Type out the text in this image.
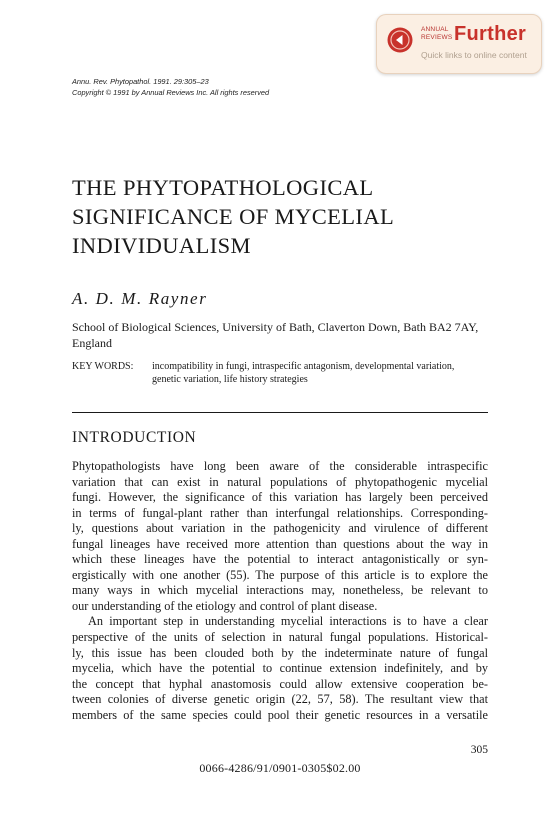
ANNUAL
REVIEWS Further
Quick links to online content
Annu. Rev. Phytopathol. 1991. 29:305–23
Copyright © 1991 by Annual Reviews Inc. All rights reserved
THE PHYTOPATHOLOGICAL
SIGNIFICANCE OF MYCELIAL
INDIVIDUALISM
A. D. M. Rayner
School of Biological Sciences, University of Bath, Claverton Down, Bath BA2 7AY,
England
KEY WORDS: incompatibility in fungi, intraspecific antagonism, developmental variation,
genetic variation, life history strategies
INTRODUCTION
Phytopathologists have long been aware of the considerable intraspecific
variation that can exist in natural populations of phytopathogenic mycelial
fungi. However, the significance of this variation has largely been perceived
in terms of fungal-plant rather than interfungal relationships. Corresponding-
ly, questions about variation in the pathogenicity and virulence of different
fungal lineages have received more attention than questions about the way in
which these lineages have the potential to interact antagonistically or syn-
ergistically with one another (55). The purpose of this article is to explore the
many ways in which mycelial interactions may, nonetheless, be relevant to
our understanding of the etiology and control of plant disease.
An important step in understanding mycelial interactions is to have a clear
perspective of the units of selection in natural fungal populations. Historical-
ly, this issue has been clouded both by the indeterminate nature of fungal
mycelia, which have the potential to continue extension indefinitely, and by
the concept that hyphal anastomosis could allow extensive cooperation be-
tween colonies of diverse genetic origin (22, 57, 58). The resultant view that
members of the same species could pool their genetic resources in a versatile
305
0066-4286/91/0901-0305$02.00
